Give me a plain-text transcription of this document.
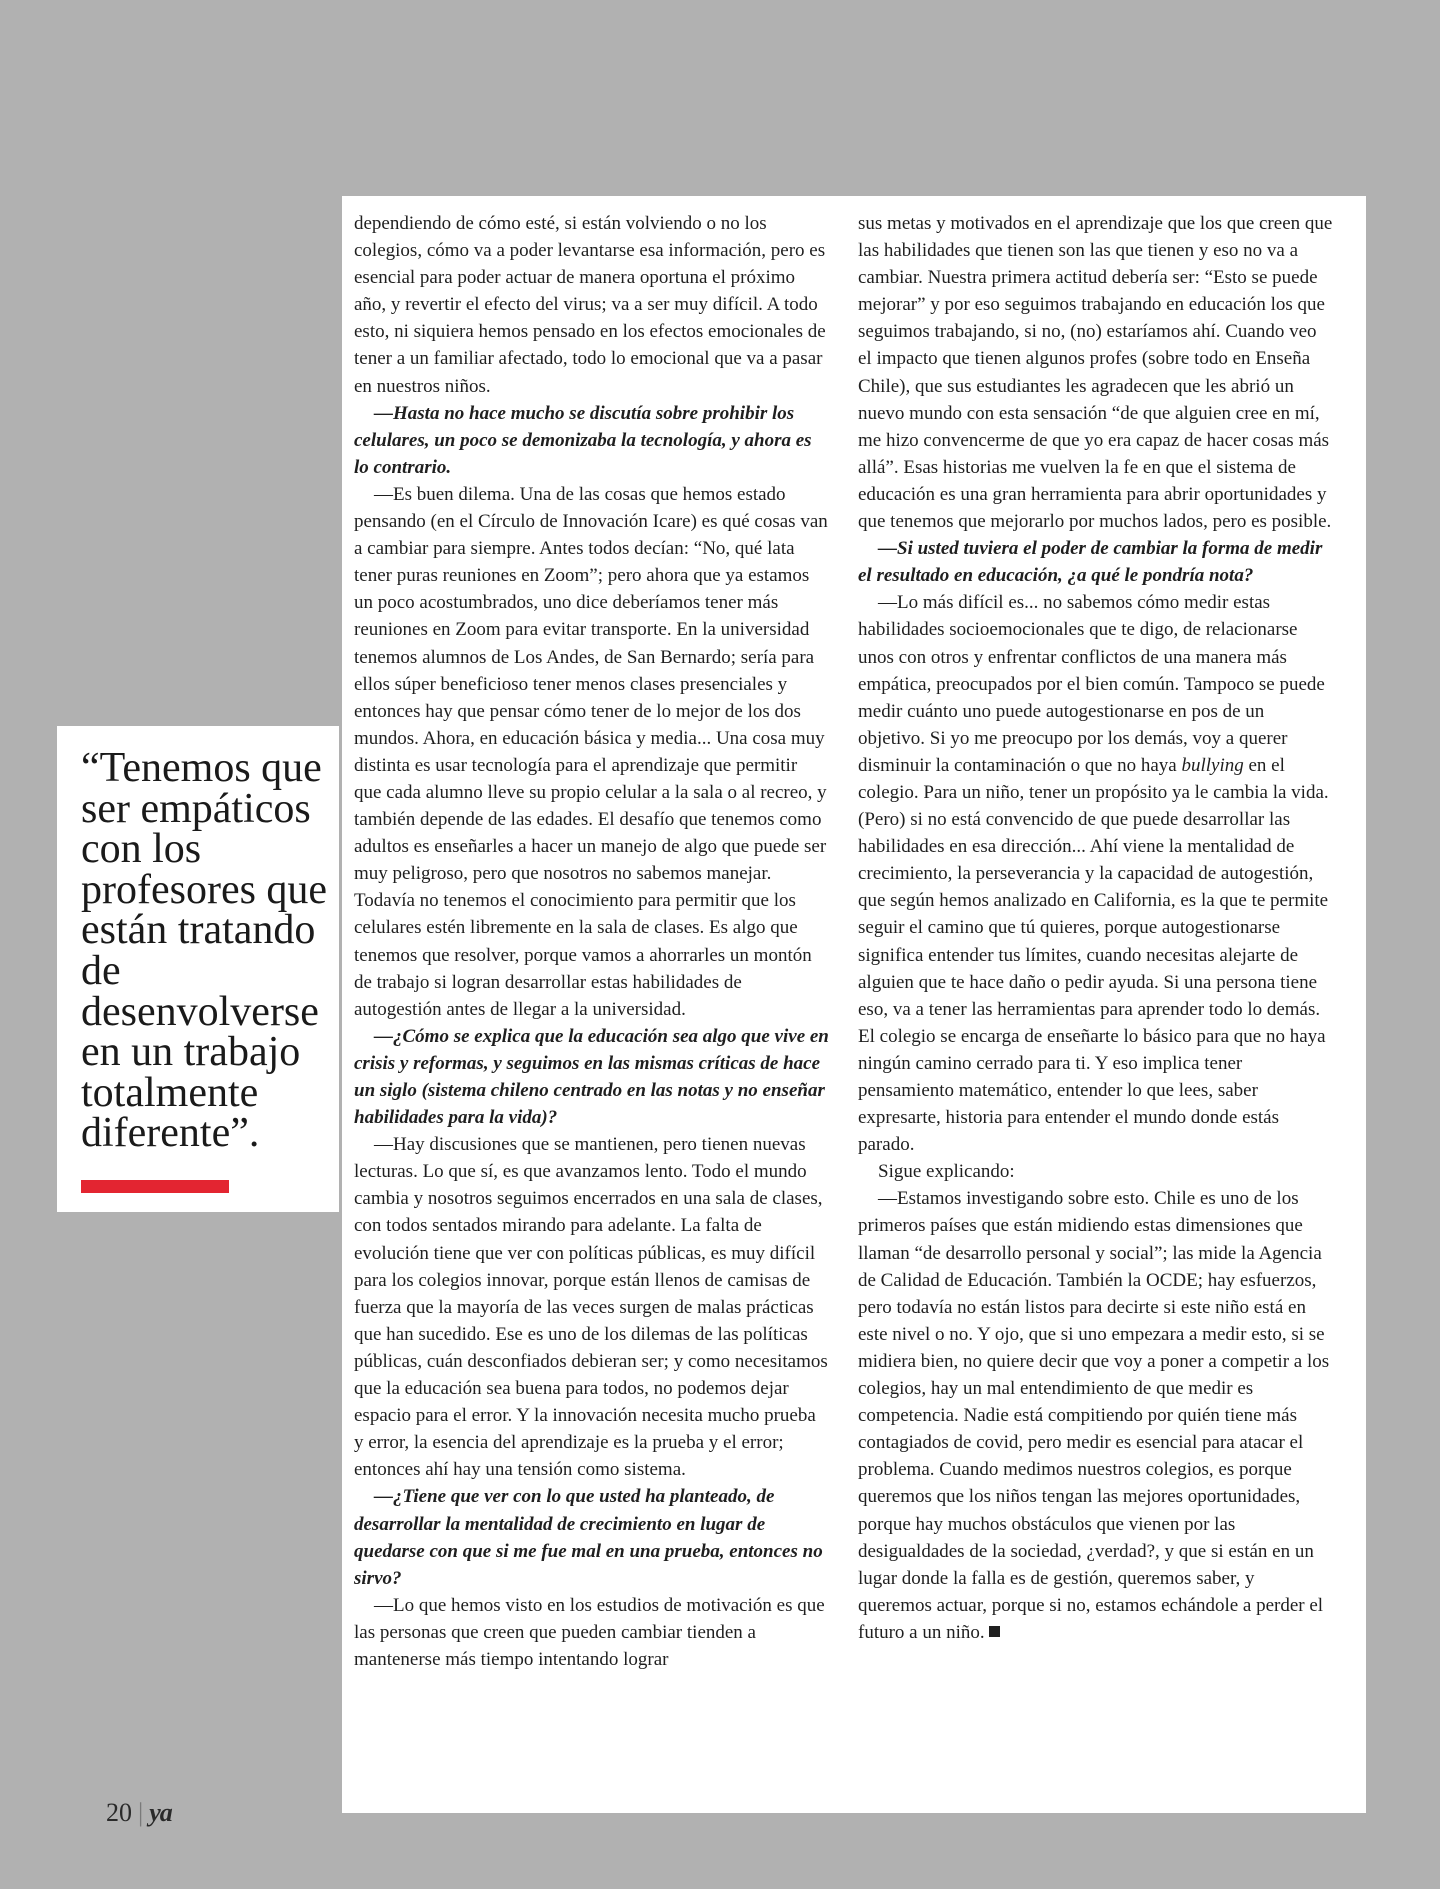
“Tenemos que ser empáticos con los profesores que están tratando de desenvolverse en un trabajo totalmente diferente”.

dependiendo de cómo esté, si están volviendo o no los colegios, cómo va a poder levantarse esa información, pero es esencial para poder actuar de manera oportuna el próximo año, y revertir el efecto del virus; va a ser muy difícil. A todo esto, ni siquiera hemos pensado en los efectos emocionales de tener a un familiar afectado, todo lo emocional que va a pasar en nuestros niños.

—Hasta no hace mucho se discutía sobre prohibir los celulares, un poco se demonizaba la tecnología, y ahora es lo contrario.

—Es buen dilema. Una de las cosas que hemos estado pensando (en el Círculo de Innovación Icare) es qué cosas van a cambiar para siempre. Antes todos decían: “No, qué lata tener puras reuniones en Zoom”; pero ahora que ya estamos un poco acostumbrados, uno dice deberíamos tener más reuniones en Zoom para evitar transporte. En la universidad tenemos alumnos de Los Andes, de San Bernardo; sería para ellos súper beneficioso tener menos clases presenciales y entonces hay que pensar cómo tener de lo mejor de los dos mundos. Ahora, en educación básica y media... Una cosa muy distinta es usar tecnología para el aprendizaje que permitir que cada alumno lleve su propio celular a la sala o al recreo, y también depende de las edades. El desafío que tenemos como adultos es enseñarles a hacer un manejo de algo que puede ser muy peligroso, pero que nosotros no sabemos manejar. Todavía no tenemos el conocimiento para permitir que los celulares estén libremente en la sala de clases. Es algo que tenemos que resolver, porque vamos a ahorrarles un montón de trabajo si logran desarrollar estas habilidades de autogestión antes de llegar a la universidad.

—¿Cómo se explica que la educación sea algo que vive en crisis y reformas, y seguimos en las mismas críticas de hace un siglo (sistema chileno centrado en las notas y no enseñar habilidades para la vida)?

—Hay discusiones que se mantienen, pero tienen nuevas lecturas. Lo que sí, es que avanzamos lento. Todo el mundo cambia y nosotros seguimos encerrados en una sala de clases, con todos sentados mirando para adelante. La falta de evolución tiene que ver con políticas públicas, es muy difícil para los colegios innovar, porque están llenos de camisas de fuerza que la mayoría de las veces surgen de malas prácticas que han sucedido. Ese es uno de los dilemas de las políticas públicas, cuán desconfiados debieran ser; y como necesitamos que la educación sea buena para todos, no podemos dejar espacio para el error. Y la innovación necesita mucho prueba y error, la esencia del aprendizaje es la prueba y el error; entonces ahí hay una tensión como sistema.

—¿Tiene que ver con lo que usted ha planteado, de desarrollar la mentalidad de crecimiento en lugar de quedarse con que si me fue mal en una prueba, entonces no sirvo?

—Lo que hemos visto en los estudios de motivación es que las personas que creen que pueden cambiar tienden a mantenerse más tiempo intentando lograr

sus metas y motivados en el aprendizaje que los que creen que las habilidades que tienen son las que tienen y eso no va a cambiar. Nuestra primera actitud debería ser: “Esto se puede mejorar” y por eso seguimos trabajando en educación los que seguimos trabajando, si no, (no) estaríamos ahí. Cuando veo el impacto que tienen algunos profes (sobre todo en Enseña Chile), que sus estudiantes les agradecen que les abrió un nuevo mundo con esta sensación “de que alguien cree en mí, me hizo convencerme de que yo era capaz de hacer cosas más allá”. Esas historias me vuelven la fe en que el sistema de educación es una gran herramienta para abrir oportunidades y que tenemos que mejorarlo por muchos lados, pero es posible.

—Si usted tuviera el poder de cambiar la forma de medir el resultado en educación, ¿a qué le pondría nota?

—Lo más difícil es... no sabemos cómo medir estas habilidades socioemocionales que te digo, de relacionarse unos con otros y enfrentar conflictos de una manera más empática, preocupados por el bien común. Tampoco se puede medir cuánto uno puede autogestionarse en pos de un objetivo. Si yo me preocupo por los demás, voy a querer disminuir la contaminación o que no haya bullying en el colegio. Para un niño, tener un propósito ya le cambia la vida. (Pero) si no está convencido de que puede desarrollar las habilidades en esa dirección... Ahí viene la mentalidad de crecimiento, la perseverancia y la capacidad de autogestión, que según hemos analizado en California, es la que te permite seguir el camino que tú quieres, porque autogestionarse significa entender tus límites, cuando necesitas alejarte de alguien que te hace daño o pedir ayuda. Si una persona tiene eso, va a tener las herramientas para aprender todo lo demás. El colegio se encarga de enseñarte lo básico para que no haya ningún camino cerrado para ti. Y eso implica tener pensamiento matemático, entender lo que lees, saber expresarte, historia para entender el mundo donde estás parado.

Sigue explicando:

—Estamos investigando sobre esto. Chile es uno de los primeros países que están midiendo estas dimensiones que llaman “de desarrollo personal y social”; las mide la Agencia de Calidad de Educación. También la OCDE; hay esfuerzos, pero todavía no están listos para decirte si este niño está en este nivel o no. Y ojo, que si uno empezara a medir esto, si se midiera bien, no quiere decir que voy a poner a competir a los colegios, hay un mal entendimiento de que medir es competencia. Nadie está compitiendo por quién tiene más contagiados de covid, pero medir es esencial para atacar el problema. Cuando medimos nuestros colegios, es porque queremos que los niños tengan las mejores oportunidades, porque hay muchos obstáculos que vienen por las desigualdades de la sociedad, ¿verdad?, y que si están en un lugar donde la falla es de gestión, queremos saber, y queremos actuar, porque si no, estamos echándole a perder el futuro a un niño.

20 | ya
